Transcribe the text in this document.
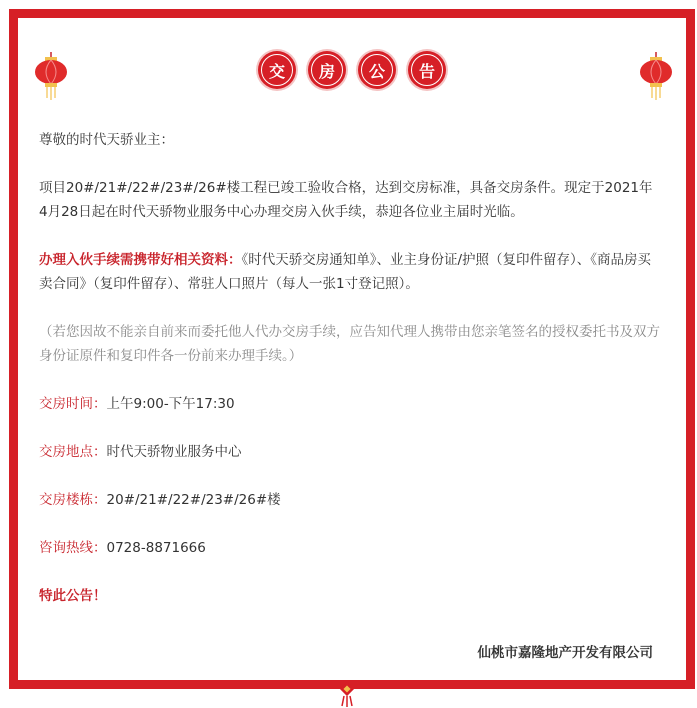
交	房	公	告

尊敬的时代天骄业主：

项目20#/21#/22#/23#/26#楼工程已竣工验收合格，达到交房标准，具备交房条件。现定于2021年4月28日起在时代天骄物业服务中心办理交房入伙手续，恭迎各位业主届时光临。

办理入伙手续需携带好相关资料：《时代天骄交房通知单》、业主身份证/护照（复印件留存）、《商品房买卖合同》（复印件留存）、常驻人口照片（每人一张1寸登记照）。

（若您因故不能亲自前来而委托他人代办交房手续，应告知代理人携带由您亲笔签名的授权委托书及双方身份证原件和复印件各一份前来办理手续。）

交房时间：上午9:00-下午17:30

交房地点：时代天骄物业服务中心

交房楼栋：20#/21#/22#/23#/26#楼

咨询热线：0728-8871666

特此公告！

仙桃市嘉隆地产开发有限公司
